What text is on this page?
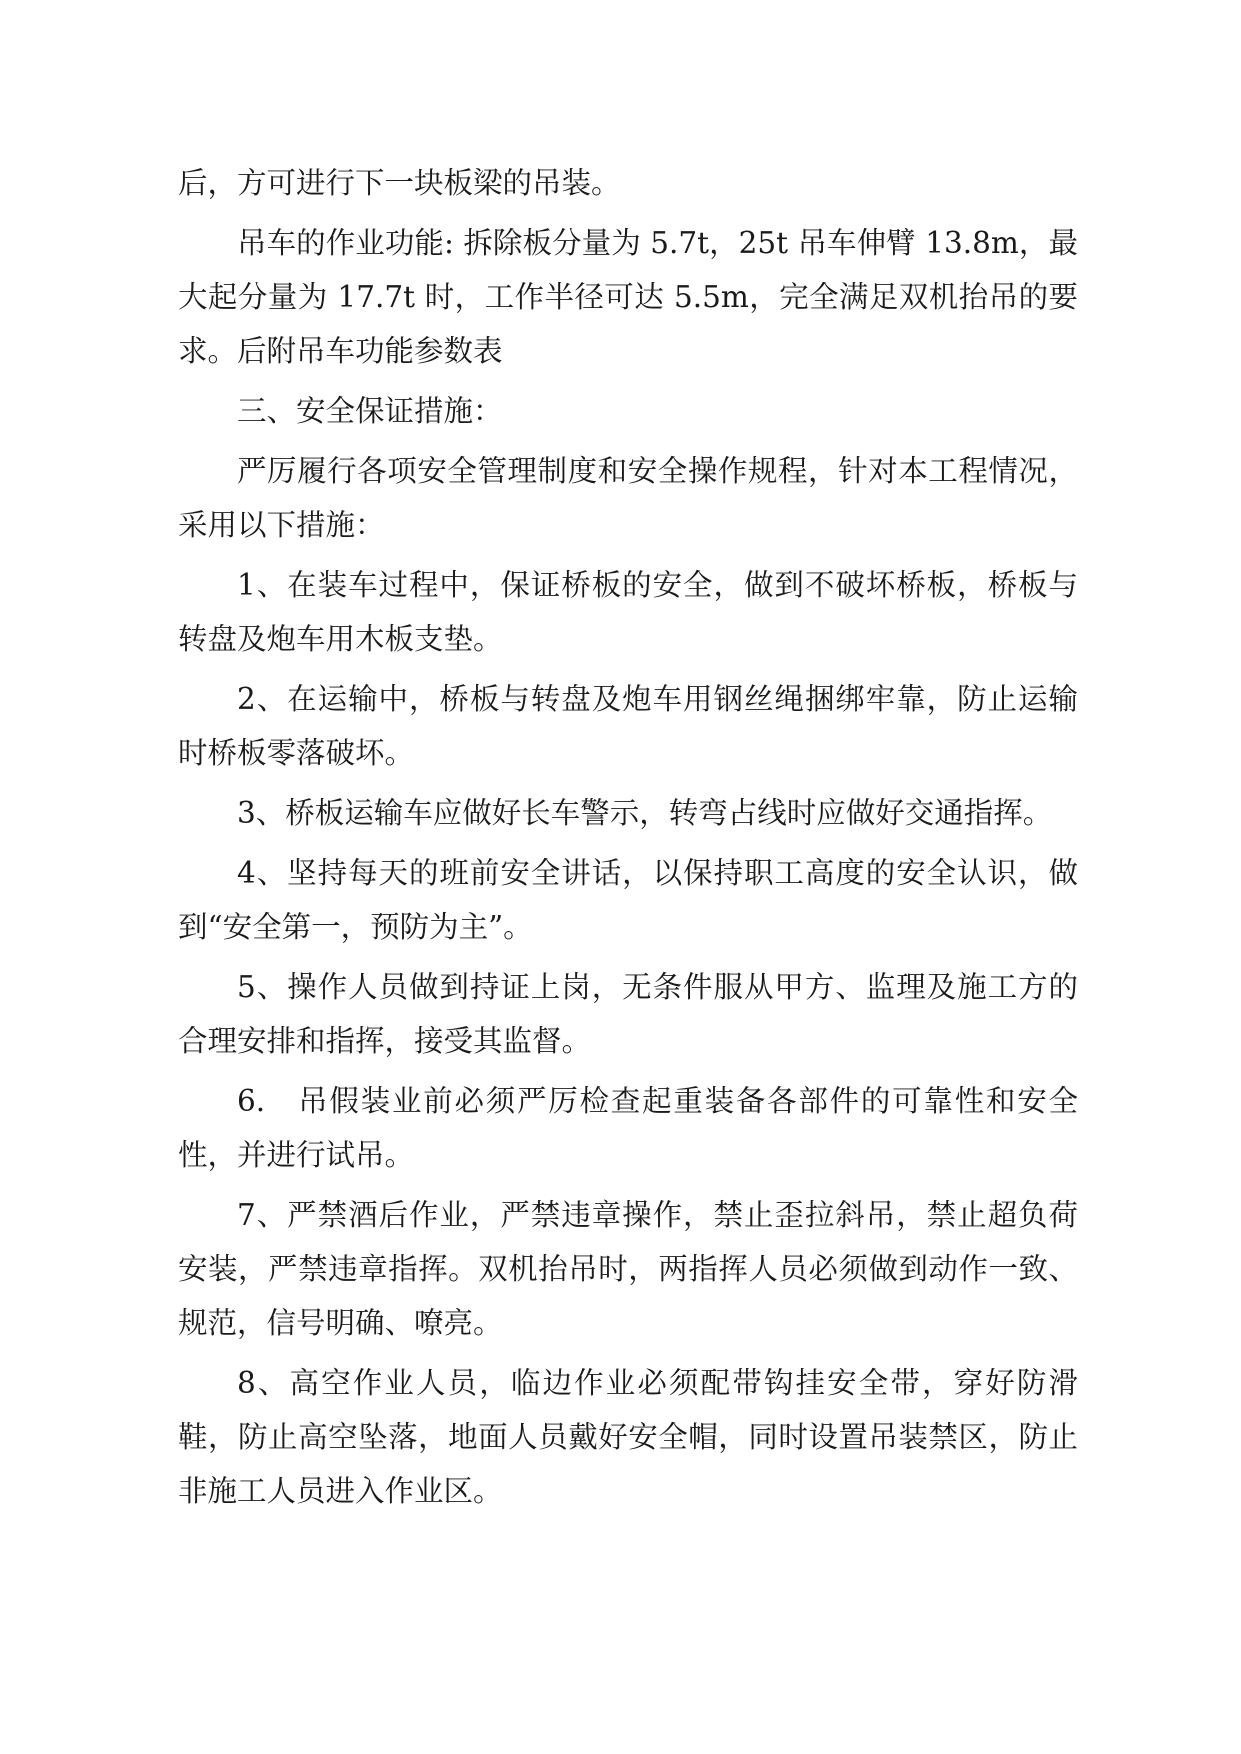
后，方可进行下一块板梁的吊装。

吊车的作业功能: 拆除板分量为 5.7t，25t 吊车伸臂 13.8m，最大起分量为 17.7t 时，工作半径可达 5.5m，完全满足双机抬吊的要求。后附吊车功能参数表

三、安全保证措施：

严厉履行各项安全管理制度和安全操作规程，针对本工程情况，采用以下措施：

1、在装车过程中，保证桥板的安全，做到不破坏桥板，桥板与转盘及炮车用木板支垫。

2、在运输中，桥板与转盘及炮车用钢丝绳捆绑牢靠，防止运输时桥板零落破坏。

3、桥板运输车应做好长车警示，转弯占线时应做好交通指挥。

4、坚持每天的班前安全讲话，以保持职工高度的安全认识，做到“安全第一，预防为主”。

5、操作人员做到持证上岗，无条件服从甲方、监理及施工方的合理安排和指挥，接受其监督。

6.　吊假装业前必须严厉检查起重装备各部件的可靠性和安全性，并进行试吊。

7、严禁酒后作业，严禁违章操作，禁止歪拉斜吊，禁止超负荷安装，严禁违章指挥。双机抬吊时，两指挥人员必须做到动作一致、规范，信号明确、嘹亮。

8、高空作业人员，临边作业必须配带钩挂安全带，穿好防滑鞋，防止高空坠落，地面人员戴好安全帽，同时设置吊装禁区，防止非施工人员进入作业区。
